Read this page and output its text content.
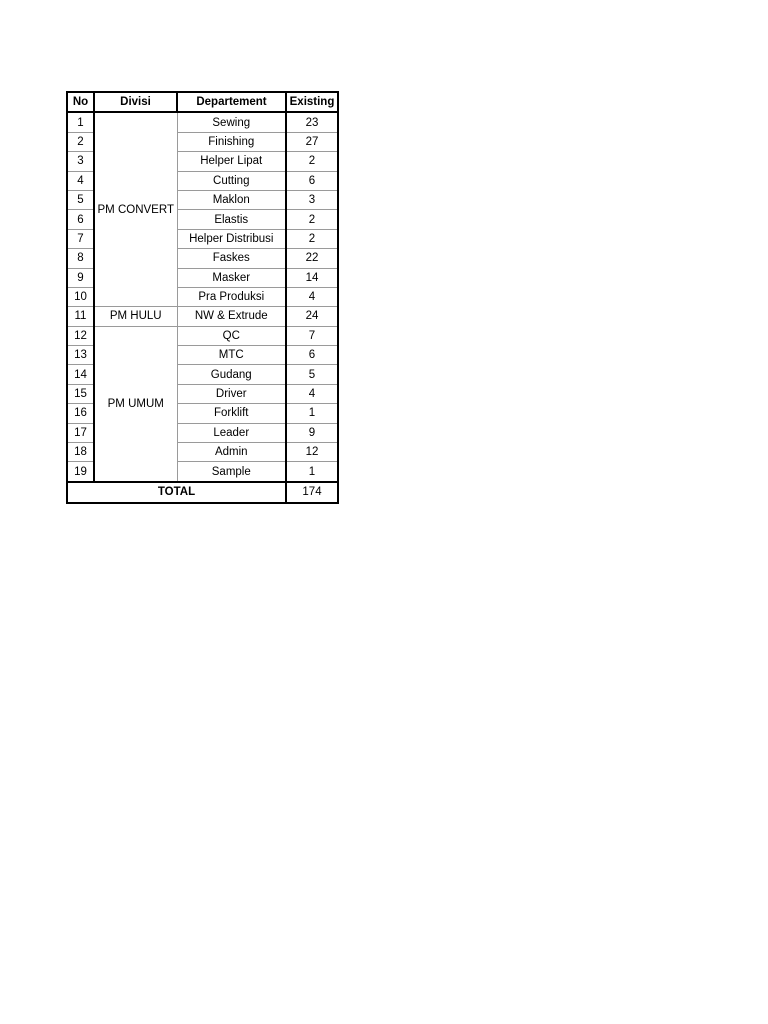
No	Divisi	Departement	Existing
1	PM CONVERT	Sewing	23
2		Finishing	27
3		Helper Lipat	2
4		Cutting	6
5		Maklon	3
6		Elastis	2
7		Helper Distribusi	2
8		Faskes	22
9		Masker	14
10		Pra Produksi	4
11	PM HULU	NW & Extrude	24
12	PM UMUM	QC	7
13		MTC	6
14		Gudang	5
15		Driver	4
16		Forklift	1
17		Leader	9
18		Admin	12
19		Sample	1
TOTAL			174
